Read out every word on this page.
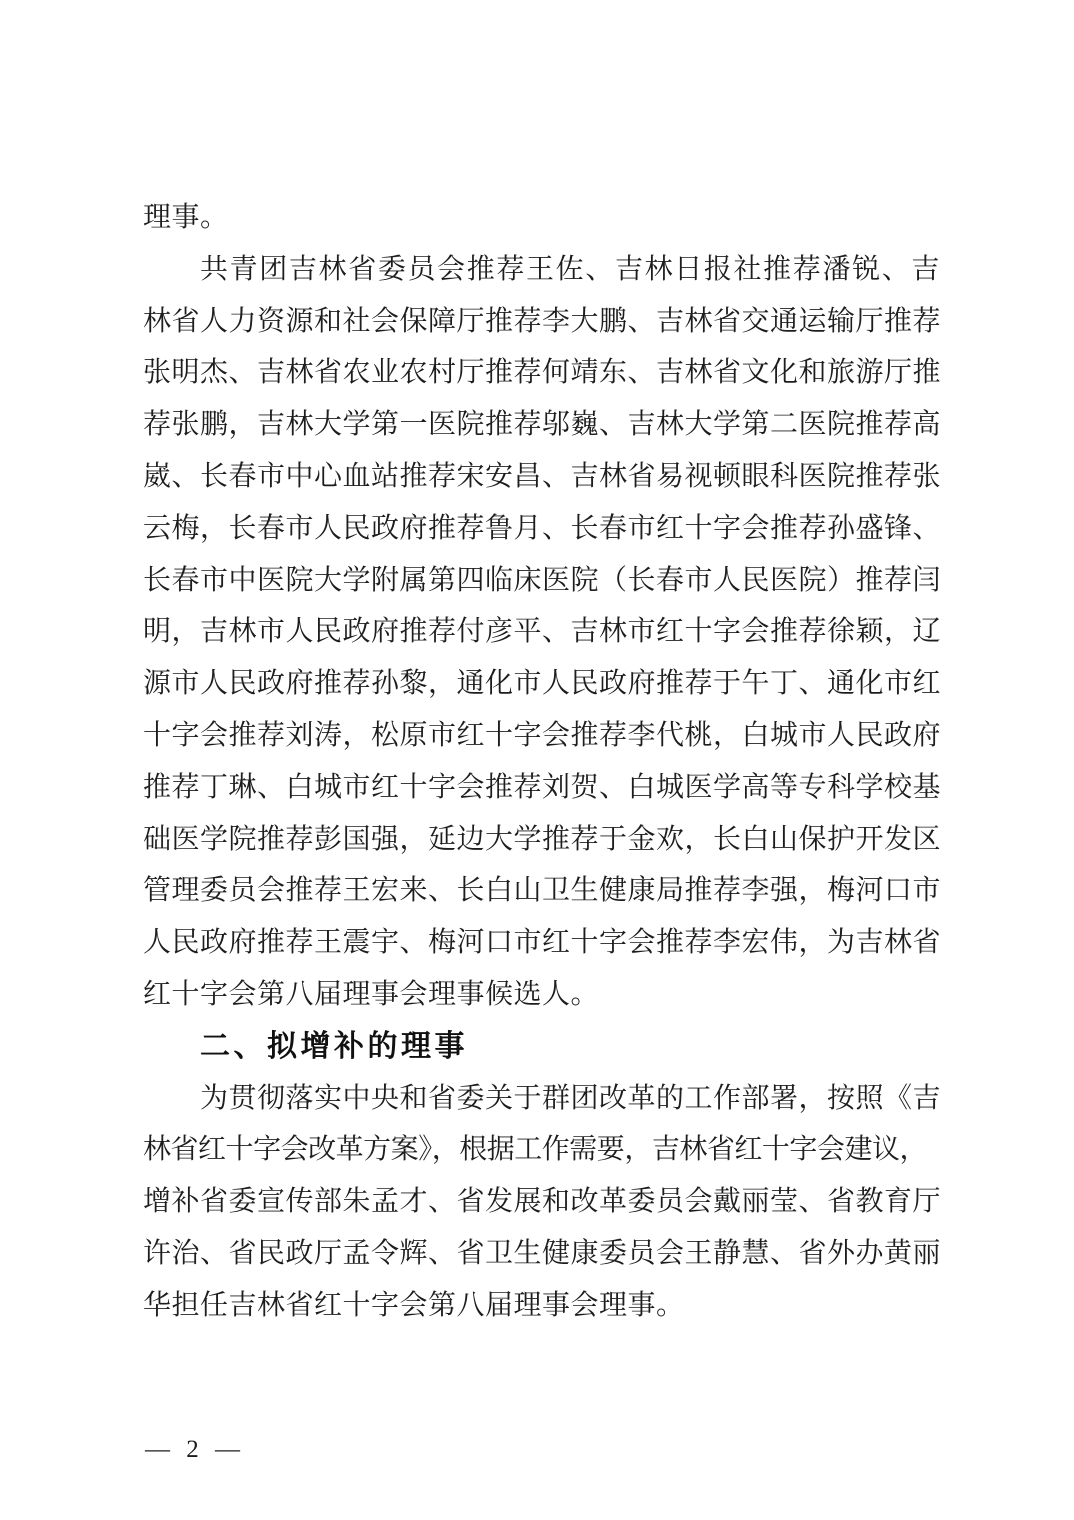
理事。
共青团吉林省委员会推荐王佐、吉林日报社推荐潘锐、吉
林省人力资源和社会保障厅推荐李大鹏、吉林省交通运输厅推荐
张明杰、吉林省农业农村厅推荐何靖东、吉林省文化和旅游厅推
荐张鹏，吉林大学第一医院推荐邬巍、吉林大学第二医院推荐高
崴、长春市中心血站推荐宋安昌、吉林省易视顿眼科医院推荐张
云梅，长春市人民政府推荐鲁月、长春市红十字会推荐孙盛锋、
长春市中医院大学附属第四临床医院（长春市人民医院）推荐闫
明，吉林市人民政府推荐付彦平、吉林市红十字会推荐徐颖，辽
源市人民政府推荐孙黎，通化市人民政府推荐于午丁、通化市红
十字会推荐刘涛，松原市红十字会推荐李代桃，白城市人民政府
推荐丁琳、白城市红十字会推荐刘贺、白城医学高等专科学校基
础医学院推荐彭国强，延边大学推荐于金欢，长白山保护开发区
管理委员会推荐王宏来、长白山卫生健康局推荐李强，梅河口市
人民政府推荐王震宇、梅河口市红十字会推荐李宏伟，为吉林省
红十字会第八届理事会理事候选人。
二、拟增补的理事
为贯彻落实中央和省委关于群团改革的工作部署，按照《吉
林省红十字会改革方案》，根据工作需要，吉林省红十字会建议，
增补省委宣传部朱孟才、省发展和改革委员会戴丽莹、省教育厅
许治、省民政厅孟令辉、省卫生健康委员会王静慧、省外办黄丽
华担任吉林省红十字会第八届理事会理事。
— 2 —
